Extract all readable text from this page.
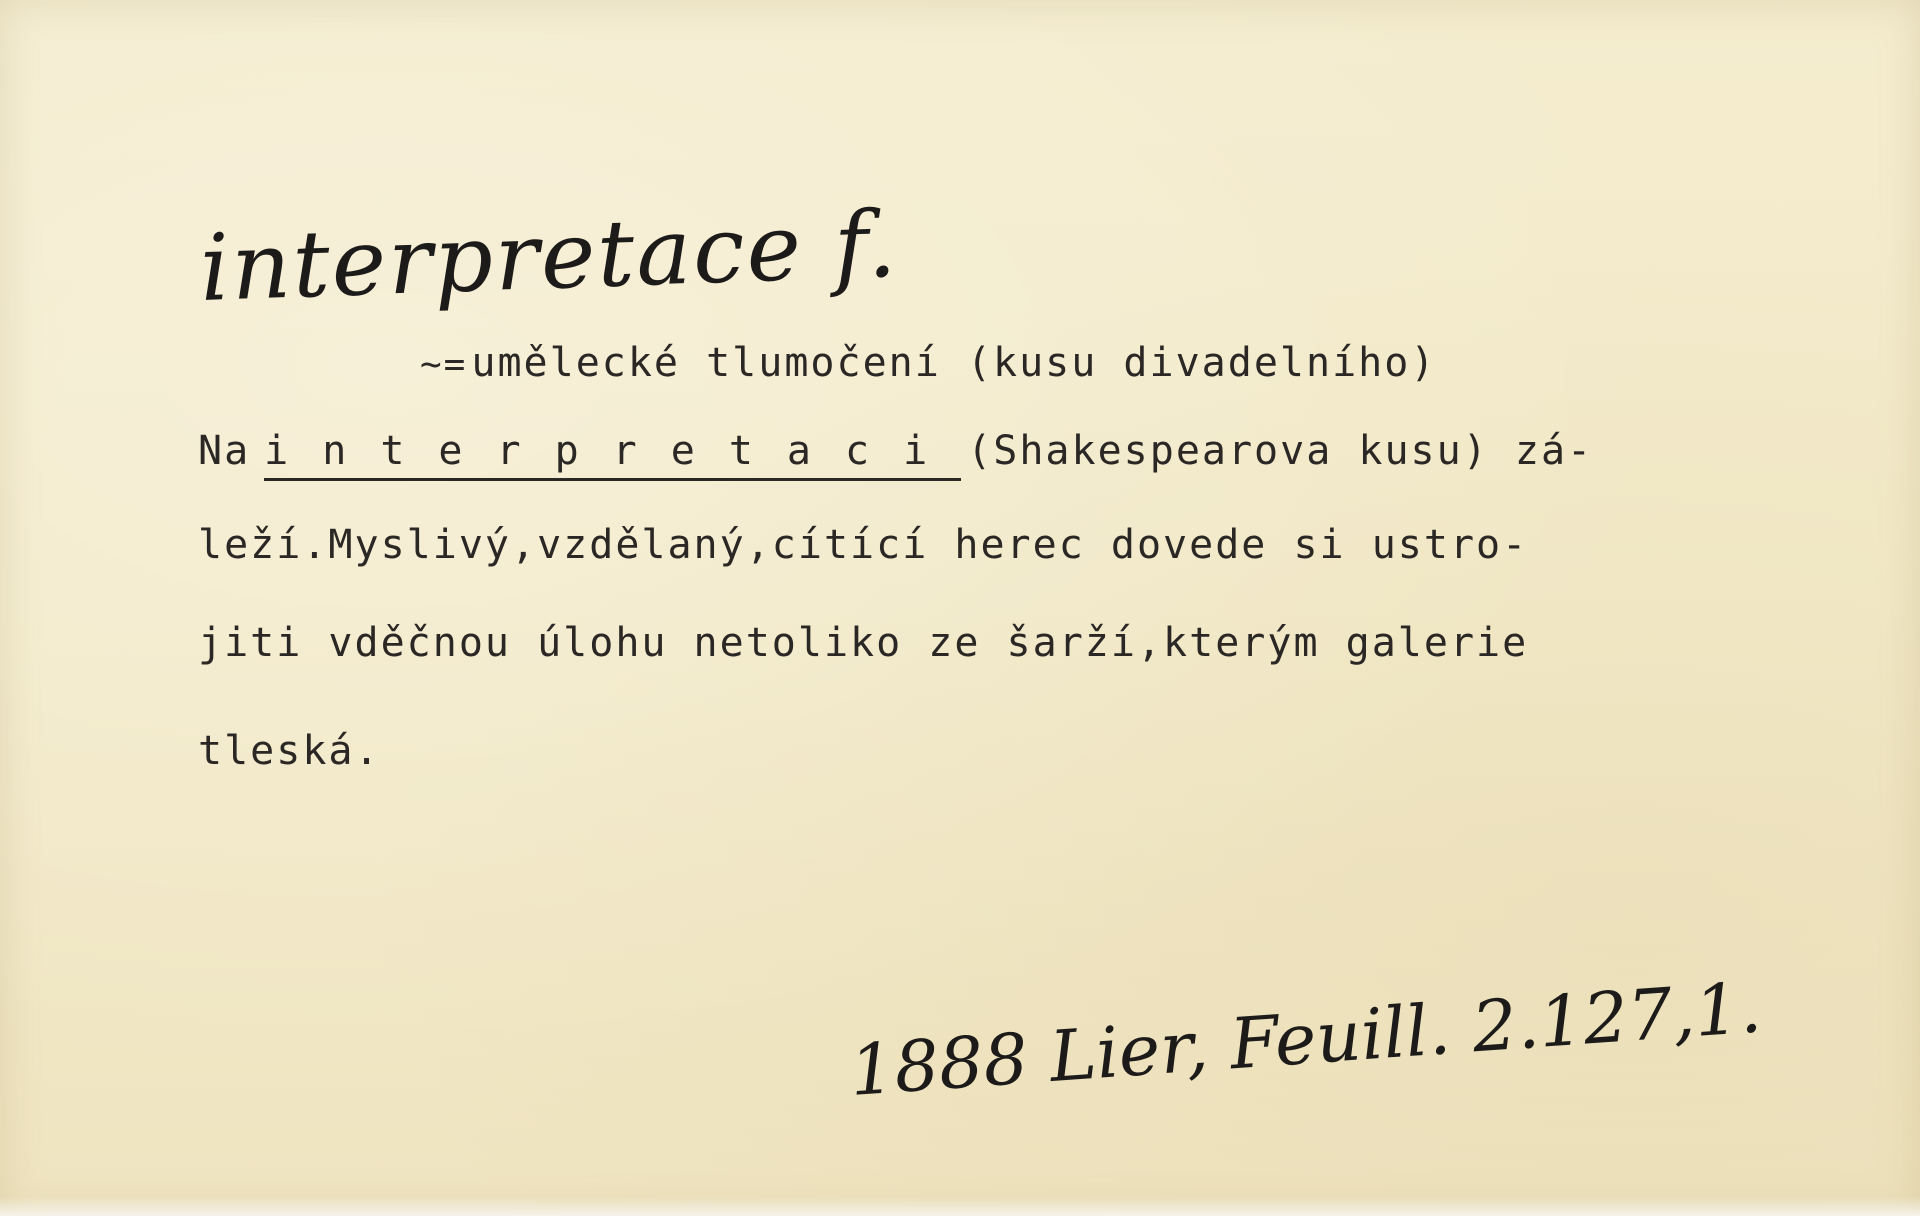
interpretace f.
~= umělecké tlumočení (kusu divadelního)
Na interpretaci (Shakespearova kusu) zá-
leží.Myslivý,vzdělaný,cítící herec dovede si ustro-
jiti vděčnou úlohu netoliko ze šarží,kterým galerie
tleská.
1888 Lier, Feuill. 2.127,1.
